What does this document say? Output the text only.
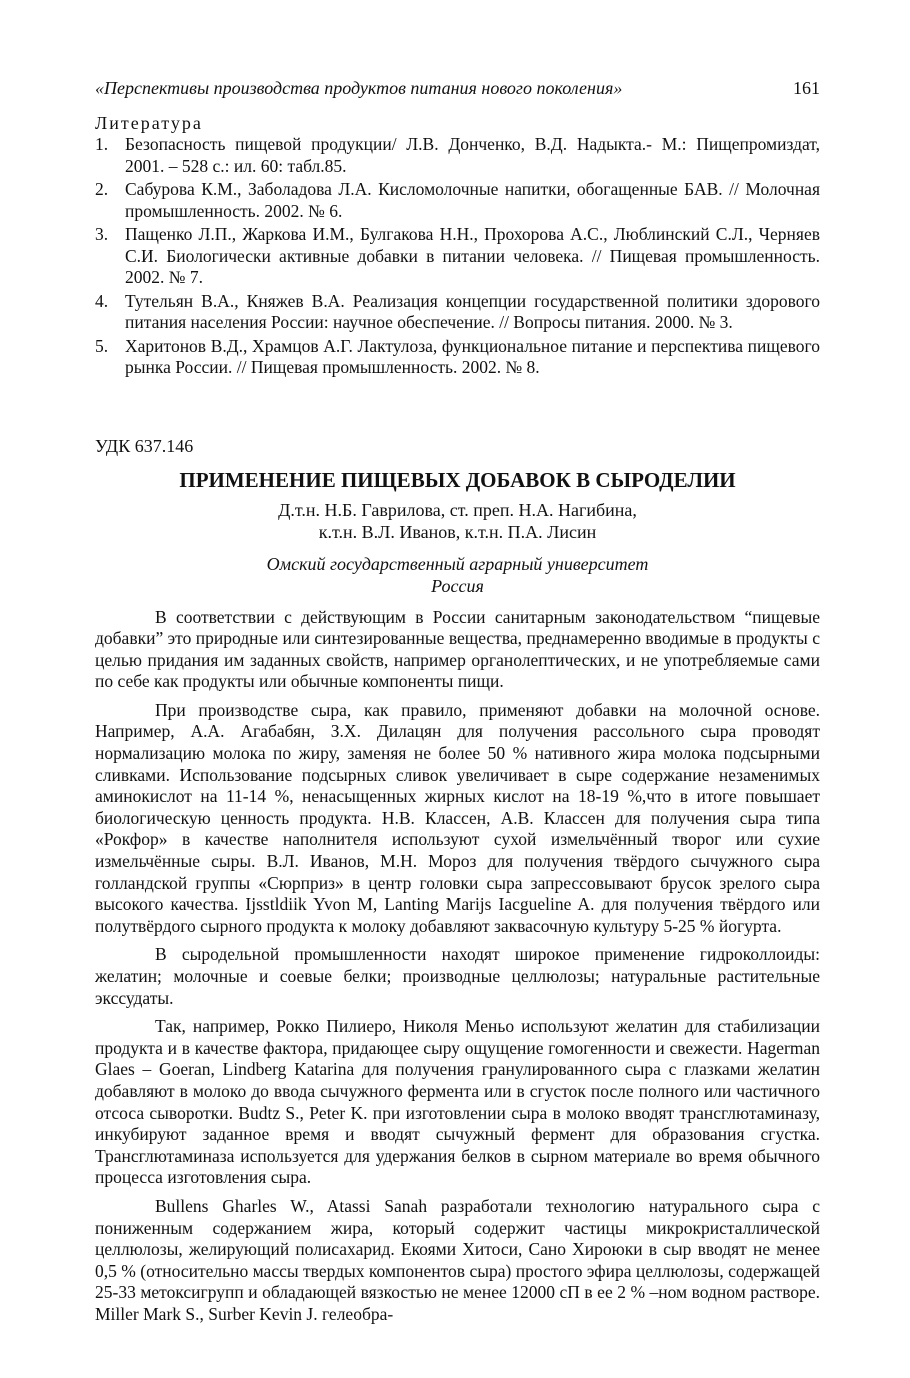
«Перспективы производства продуктов питания нового поколения»	161
Литература
1. Безопасность пищевой продукции/ Л.В. Донченко, В.Д. Надыкта.- М.: Пищепромиздат, 2001. – 528 с.: ил. 60: табл.85.
2. Сабурова К.М., Заболадова Л.А. Кисломолочные напитки, обогащенные БАВ. // Молочная промышленность. 2002. № 6.
3. Пащенко Л.П., Жаркова И.М., Булгакова Н.Н., Прохорова А.С., Люблинский С.Л., Черняев С.И. Биологически активные добавки в питании человека. // Пищевая промышленность. 2002. № 7.
4. Тутельян В.А., Княжев В.А. Реализация концепции государственной политики здорового питания населения России: научное обеспечение. // Вопросы питания. 2000. № 3.
5. Харитонов В.Д., Храмцов А.Г. Лактулоза, функциональное питание и перспектива пищевого рынка России. // Пищевая промышленность. 2002. № 8.
УДК 637.146
ПРИМЕНЕНИЕ ПИЩЕВЫХ ДОБАВОК В СЫРОДЕЛИИ
Д.т.н. Н.Б. Гаврилова, ст. преп. Н.А. Нагибина,
к.т.н. В.Л. Иванов, к.т.н. П.А. Лисин
Омский государственный аграрный университет
Россия

В соответствии с действующим в России санитарным законодательством “пищевые добавки” это природные или синтезированные вещества, преднамеренно вводимые в продукты с целью придания им заданных свойств, например органолептических, и не употребляемые сами по себе как продукты или обычные компоненты пищи.

При производстве сыра, как правило, применяют добавки на молочной основе. Например, А.А. Агабабян, З.Х. Дилацян для получения рассольного сыра проводят нормализацию молока по жиру, заменяя не более 50 % нативного жира молока подсырными сливками. Использование подсырных сливок увеличивает в сыре содержание незаменимых аминокислот на 11-14 %, ненасыщенных жирных кислот на 18-19 %,что в итоге повышает биологическую ценность продукта. Н.В. Классен, А.В. Классен для получения сыра типа «Рокфор» в качестве наполнителя используют сухой измельчённый творог или сухие измельчённые сыры. В.Л. Иванов, М.Н. Мороз для получения твёрдого сычужного сыра голландской группы «Сюрприз» в центр головки сыра запрессовывают брусок зрелого сыра высокого качества. Ijsstldiik Yvon M, Lanting Marijs Iacgueline A. для получения твёрдого или полутвёрдого сырного продукта к молоку добавляют заквасочную культуру 5-25 % йогурта.

В сыродельной промышленности находят широкое применение гидроколлоиды: желатин; молочные и соевые белки; производные целлюлозы; натуральные растительные экссудаты.

Так, например, Рокко Пилиеро, Николя Меньо используют желатин для стабилизации продукта и в качестве фактора, придающее сыру ощущение гомогенности и свежести. Hagerman Glaes – Goeran, Lindberg Katarina для получения гранулированного сыра с глазками желатин добавляют в молоко до ввода сычужного фермента или в сгусток после полного или частичного отсоса сыворотки. Budtz S., Peter K. при изготовлении сыра в молоко вводят трансглютаминазу, инкубируют заданное время и вводят сычужный фермент для образования сгустка. Трансглютаминаза используется для удержания белков в сырном материале во время обычного процесса изготовления сыра.

Bullens Gharles W., Atassi Sanah разработали технологию натурального сыра с пониженным содержанием жира, который содержит частицы микрокристаллической целлюлозы, желирующий полисахарид. Екоями Хитоси, Сано Хироюки в сыр вводят не менее 0,5 % (относительно массы твердых компонентов сыра) простого эфира целлюлозы, содержащей 25-33 метоксигрупп и обладающей вязкостью не менее 12000 сП в ее 2 % –ном водном растворе. Miller Mark S., Surber Kevin J. гелеобра-
